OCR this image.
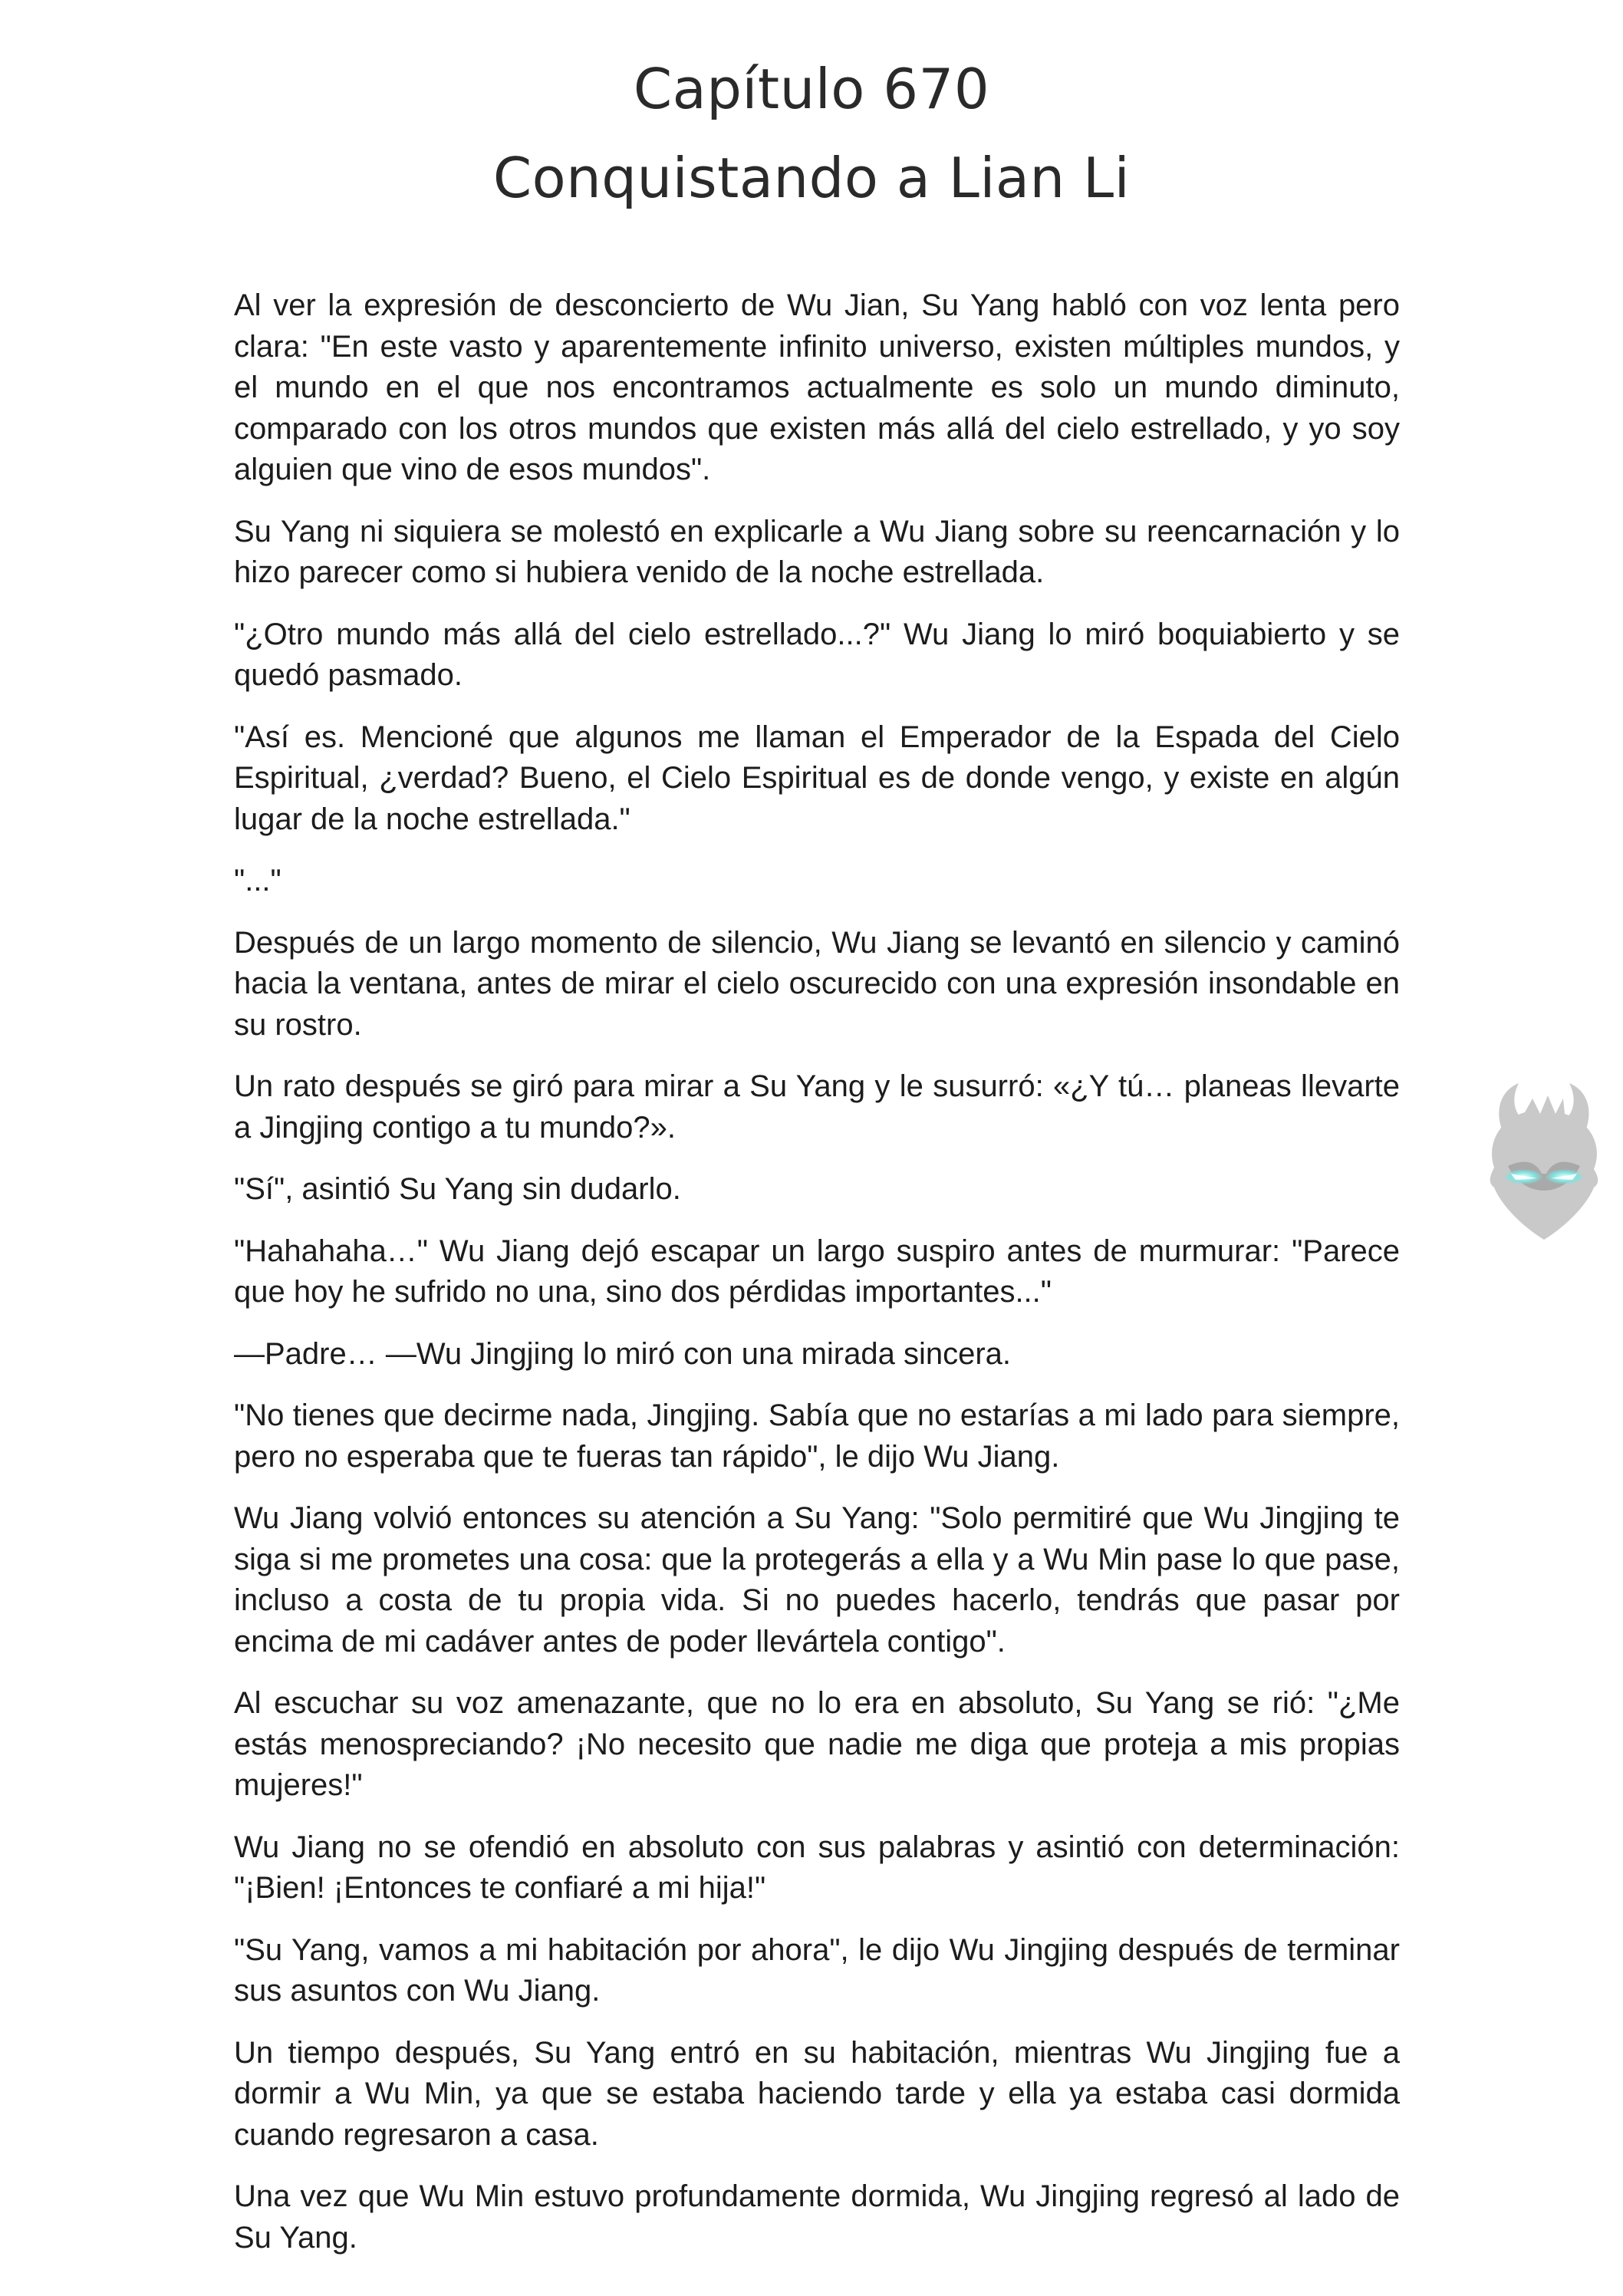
Capítulo 670
Conquistando a Lian Li

Al ver la expresión de desconcierto de Wu Jian, Su Yang habló con voz lenta pero clara: "En este vasto y aparentemente infinito universo, existen múltiples mundos, y el mundo en el que nos encontramos actualmente es solo un mundo diminuto, comparado con los otros mundos que existen más allá del cielo estrellado, y yo soy alguien que vino de esos mundos".

Su Yang ni siquiera se molestó en explicarle a Wu Jiang sobre su reencarnación y lo hizo parecer como si hubiera venido de la noche estrellada.

"¿Otro mundo más allá del cielo estrellado...?" Wu Jiang lo miró boquiabierto y se quedó pasmado.

"Así es. Mencioné que algunos me llaman el Emperador de la Espada del Cielo Espiritual, ¿verdad? Bueno, el Cielo Espiritual es de donde vengo, y existe en algún lugar de la noche estrellada."

"..."

Después de un largo momento de silencio, Wu Jiang se levantó en silencio y caminó hacia la ventana, antes de mirar el cielo oscurecido con una expresión insondable en su rostro.

Un rato después se giró para mirar a Su Yang y le susurró: «¿Y tú… planeas llevarte a Jingjing contigo a tu mundo?».

"Sí", asintió Su Yang sin dudarlo.

"Hahahaha…" Wu Jiang dejó escapar un largo suspiro antes de murmurar: "Parece que hoy he sufrido no una, sino dos pérdidas importantes..."

—Padre… —Wu Jingjing lo miró con una mirada sincera.

"No tienes que decirme nada, Jingjing. Sabía que no estarías a mi lado para siempre, pero no esperaba que te fueras tan rápido", le dijo Wu Jiang.

Wu Jiang volvió entonces su atención a Su Yang: "Solo permitiré que Wu Jingjing te siga si me prometes una cosa: que la protegerás a ella y a Wu Min pase lo que pase, incluso a costa de tu propia vida. Si no puedes hacerlo, tendrás que pasar por encima de mi cadáver antes de poder llevártela contigo".

Al escuchar su voz amenazante, que no lo era en absoluto, Su Yang se rió: "¿Me estás menospreciando? ¡No necesito que nadie me diga que proteja a mis propias mujeres!"

Wu Jiang no se ofendió en absoluto con sus palabras y asintió con determinación: "¡Bien! ¡Entonces te confiaré a mi hija!"

"Su Yang, vamos a mi habitación por ahora", le dijo Wu Jingjing después de terminar sus asuntos con Wu Jiang.

Un tiempo después, Su Yang entró en su habitación, mientras Wu Jingjing fue a dormir a Wu Min, ya que se estaba haciendo tarde y ella ya estaba casi dormida cuando regresaron a casa.

Una vez que Wu Min estuvo profundamente dormida, Wu Jingjing regresó al lado de Su Yang.
